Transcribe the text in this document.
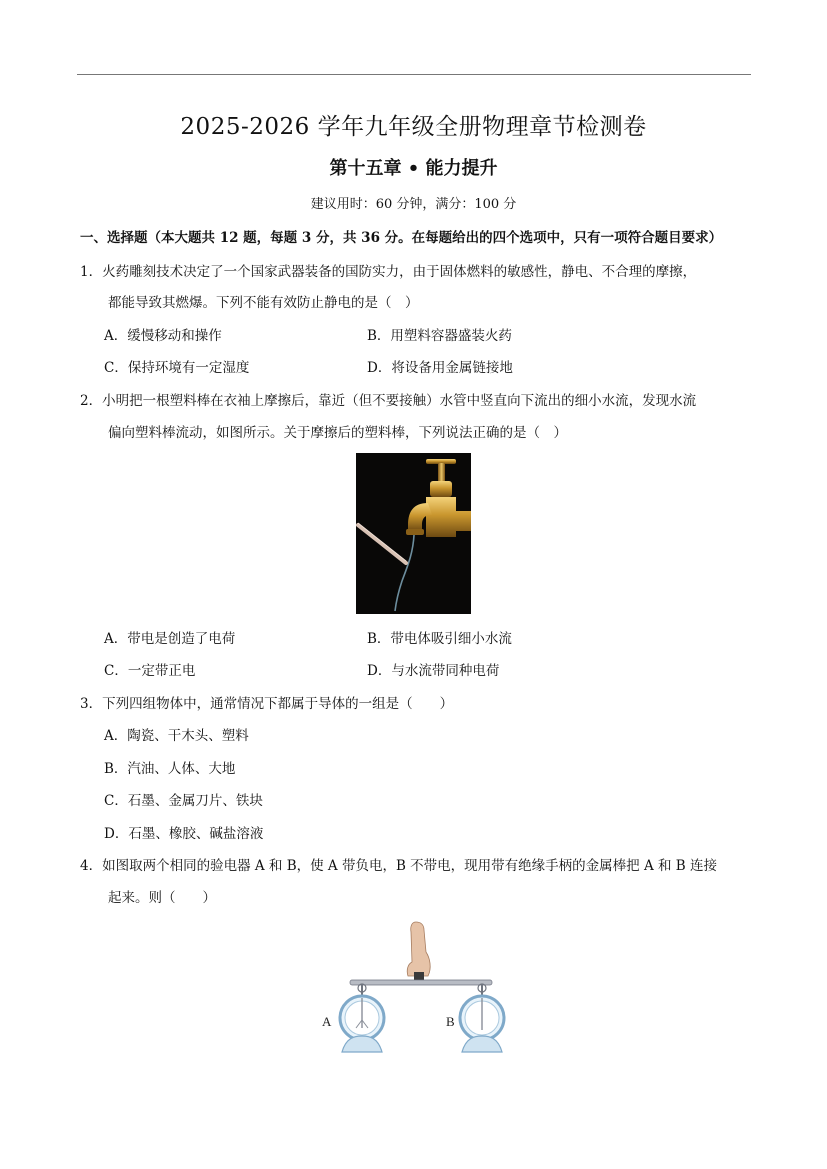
2025-2026 学年九年级全册物理章节检测卷
第十五章 • 能力提升
建议用时：60 分钟，满分：100 分
一、选择题（本大题共 12 题，每题 3 分，共 36 分。在每题给出的四个选项中，只有一项符合题目要求）
1．火药雕刻技术决定了一个国家武器装备的国防实力，由于固体燃料的敏感性，静电、不合理的摩擦，
都能导致其燃爆。下列不能有效防止静电的是（　）
A．缓慢移动和操作	B．用塑料容器盛装火药
C．保持环境有一定湿度	D．将设备用金属链接地
2．小明把一根塑料棒在衣袖上摩擦后，靠近（但不要接触）水管中竖直向下流出的细小水流，发现水流
偏向塑料棒流动，如图所示。关于摩擦后的塑料棒，下列说法正确的是（　）
A．带电是创造了电荷	B．带电体吸引细小水流
C．一定带正电	D．与水流带同种电荷
3．下列四组物体中，通常情况下都属于导体的一组是（　　）
A．陶瓷、干木头、塑料
B．汽油、人体、大地
C．石墨、金属刀片、铁块
D．石墨、橡胶、碱盐溶液
4．如图取两个相同的验电器 A 和 B，使 A 带负电，B 不带电，现用带有绝缘手柄的金属棒把 A 和 B 连接
起来。则（　　）
A	B
